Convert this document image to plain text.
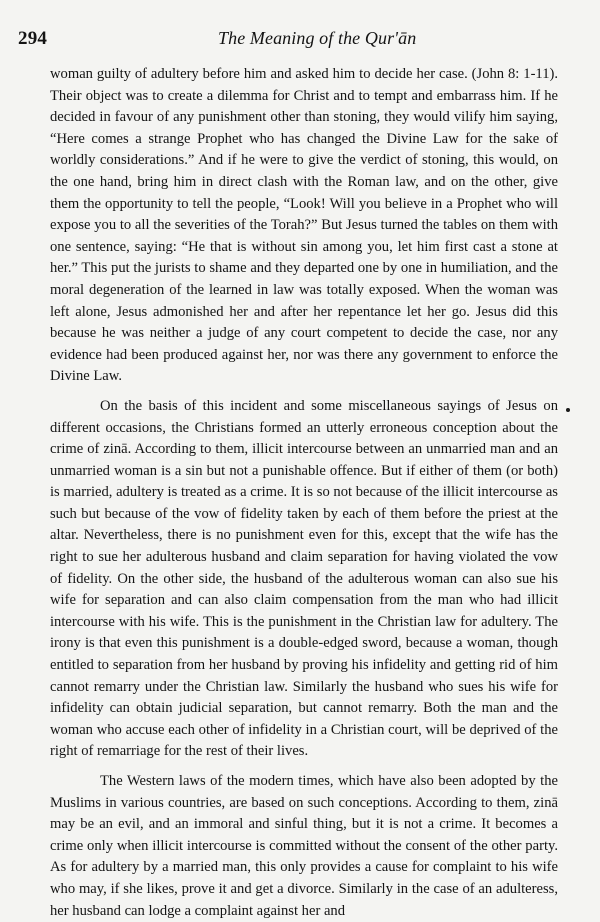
294	The Meaning of the Qur'ān

woman guilty of adultery before him and asked him to decide her case. (John 8: 1-11). Their object was to create a dilemma for Christ and to tempt and embarrass him. If he decided in favour of any punishment other than stoning, they would vilify him saying, “Here comes a strange Prophet who has changed the Divine Law for the sake of worldly considerations.” And if he were to give the verdict of stoning, this would, on the one hand, bring him in direct clash with the Roman law, and on the other, give them the opportunity to tell the people, “Look! Will you believe in a Prophet who will expose you to all the severities of the Torah?” But Jesus turned the tables on them with one sentence, saying: “He that is without sin among you, let him first cast a stone at her.” This put the jurists to shame and they departed one by one in humiliation, and the moral degeneration of the learned in law was totally exposed. When the woman was left alone, Jesus admonished her and after her repentance let her go. Jesus did this because he was neither a judge of any court competent to decide the case, nor any evidence had been produced against her, nor was there any government to enforce the Divine Law.

On the basis of this incident and some miscellaneous sayings of Jesus on different occasions, the Christians formed an utterly erroneous conception about the crime of zinā. According to them, illicit intercourse between an unmarried man and an unmarried woman is a sin but not a punishable offence. But if either of them (or both) is married, adultery is treated as a crime. It is so not because of the illicit intercourse as such but because of the vow of fidelity taken by each of them before the priest at the altar. Nevertheless, there is no punishment even for this, except that the wife has the right to sue her adulterous husband and claim separation for having violated the vow of fidelity. On the other side, the husband of the adulterous woman can also sue his wife for separation and can also claim compensation from the man who had illicit intercourse with his wife. This is the punishment in the Christian law for adultery. The irony is that even this punishment is a double-edged sword, because a woman, though entitled to separation from her husband by proving his infidelity and getting rid of him cannot remarry under the Christian law. Similarly the husband who sues his wife for infidelity can obtain judicial separation, but cannot remarry. Both the man and the woman who accuse each other of infidelity in a Christian court, will be deprived of the right of remarriage for the rest of their lives.

The Western laws of the modern times, which have also been adopted by the Muslims in various countries, are based on such conceptions. According to them, zinā may be an evil, and an immoral and sinful thing, but it is not a crime. It becomes a crime only when illicit intercourse is committed without the consent of the other party. As for adultery by a married man, this only provides a cause for complaint to his wife who may, if she likes, prove it and get a divorce. Similarly in the case of an adulteress, her husband can lodge a complaint against her and
